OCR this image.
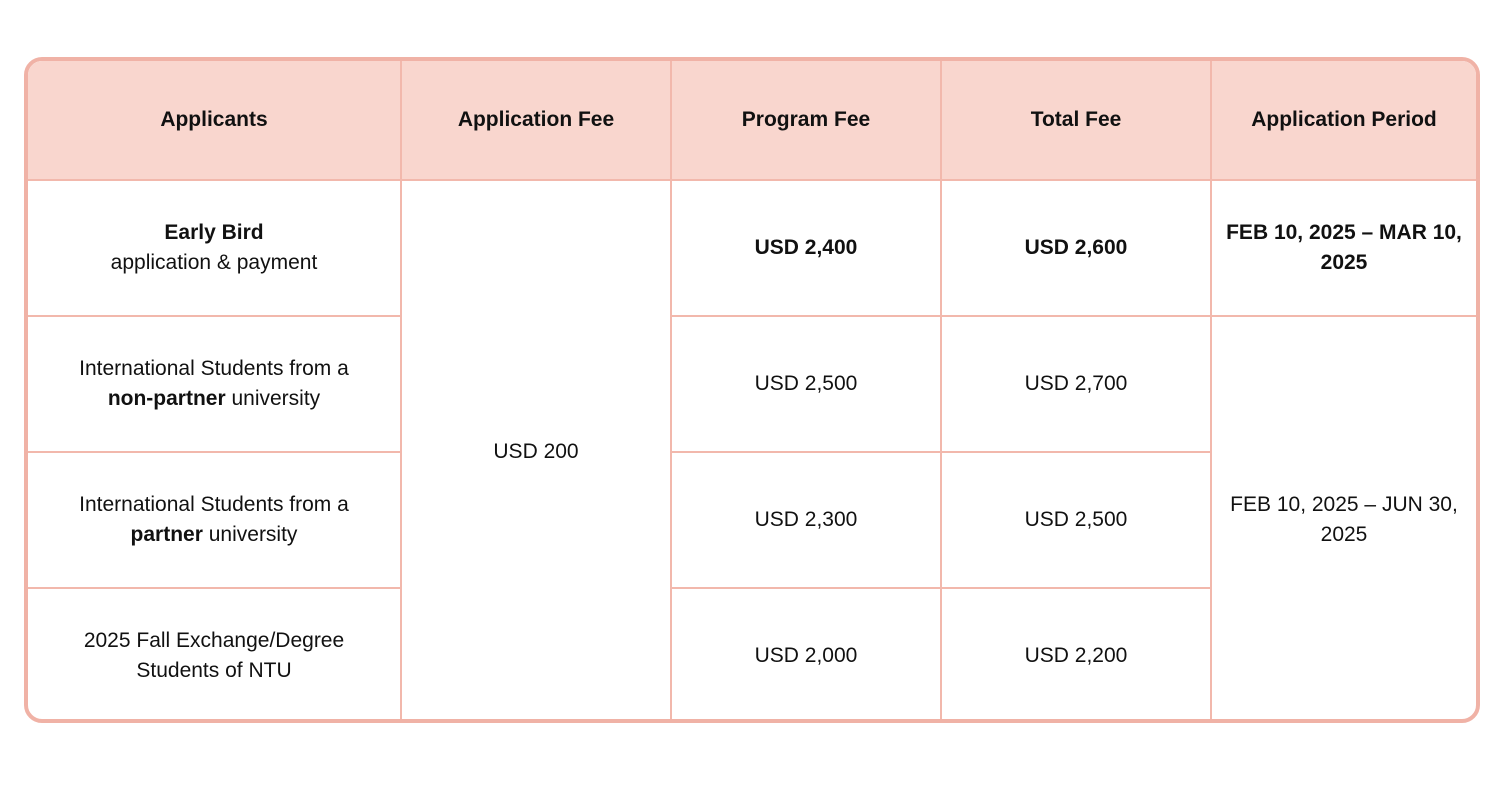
Applicants	Application Fee	Program Fee	Total Fee	Application Period
Early Bird
application & payment	USD 200	USD 2,400	USD 2,600	FEB 10, 2025 – MAR 10, 2025
International Students from a
non-partner university		USD 2,500	USD 2,700	FEB 10, 2025 – JUN 30, 2025
International Students from a
partner university		USD 2,300	USD 2,500	
2025 Fall Exchange/Degree
Students of NTU		USD 2,000	USD 2,200	
